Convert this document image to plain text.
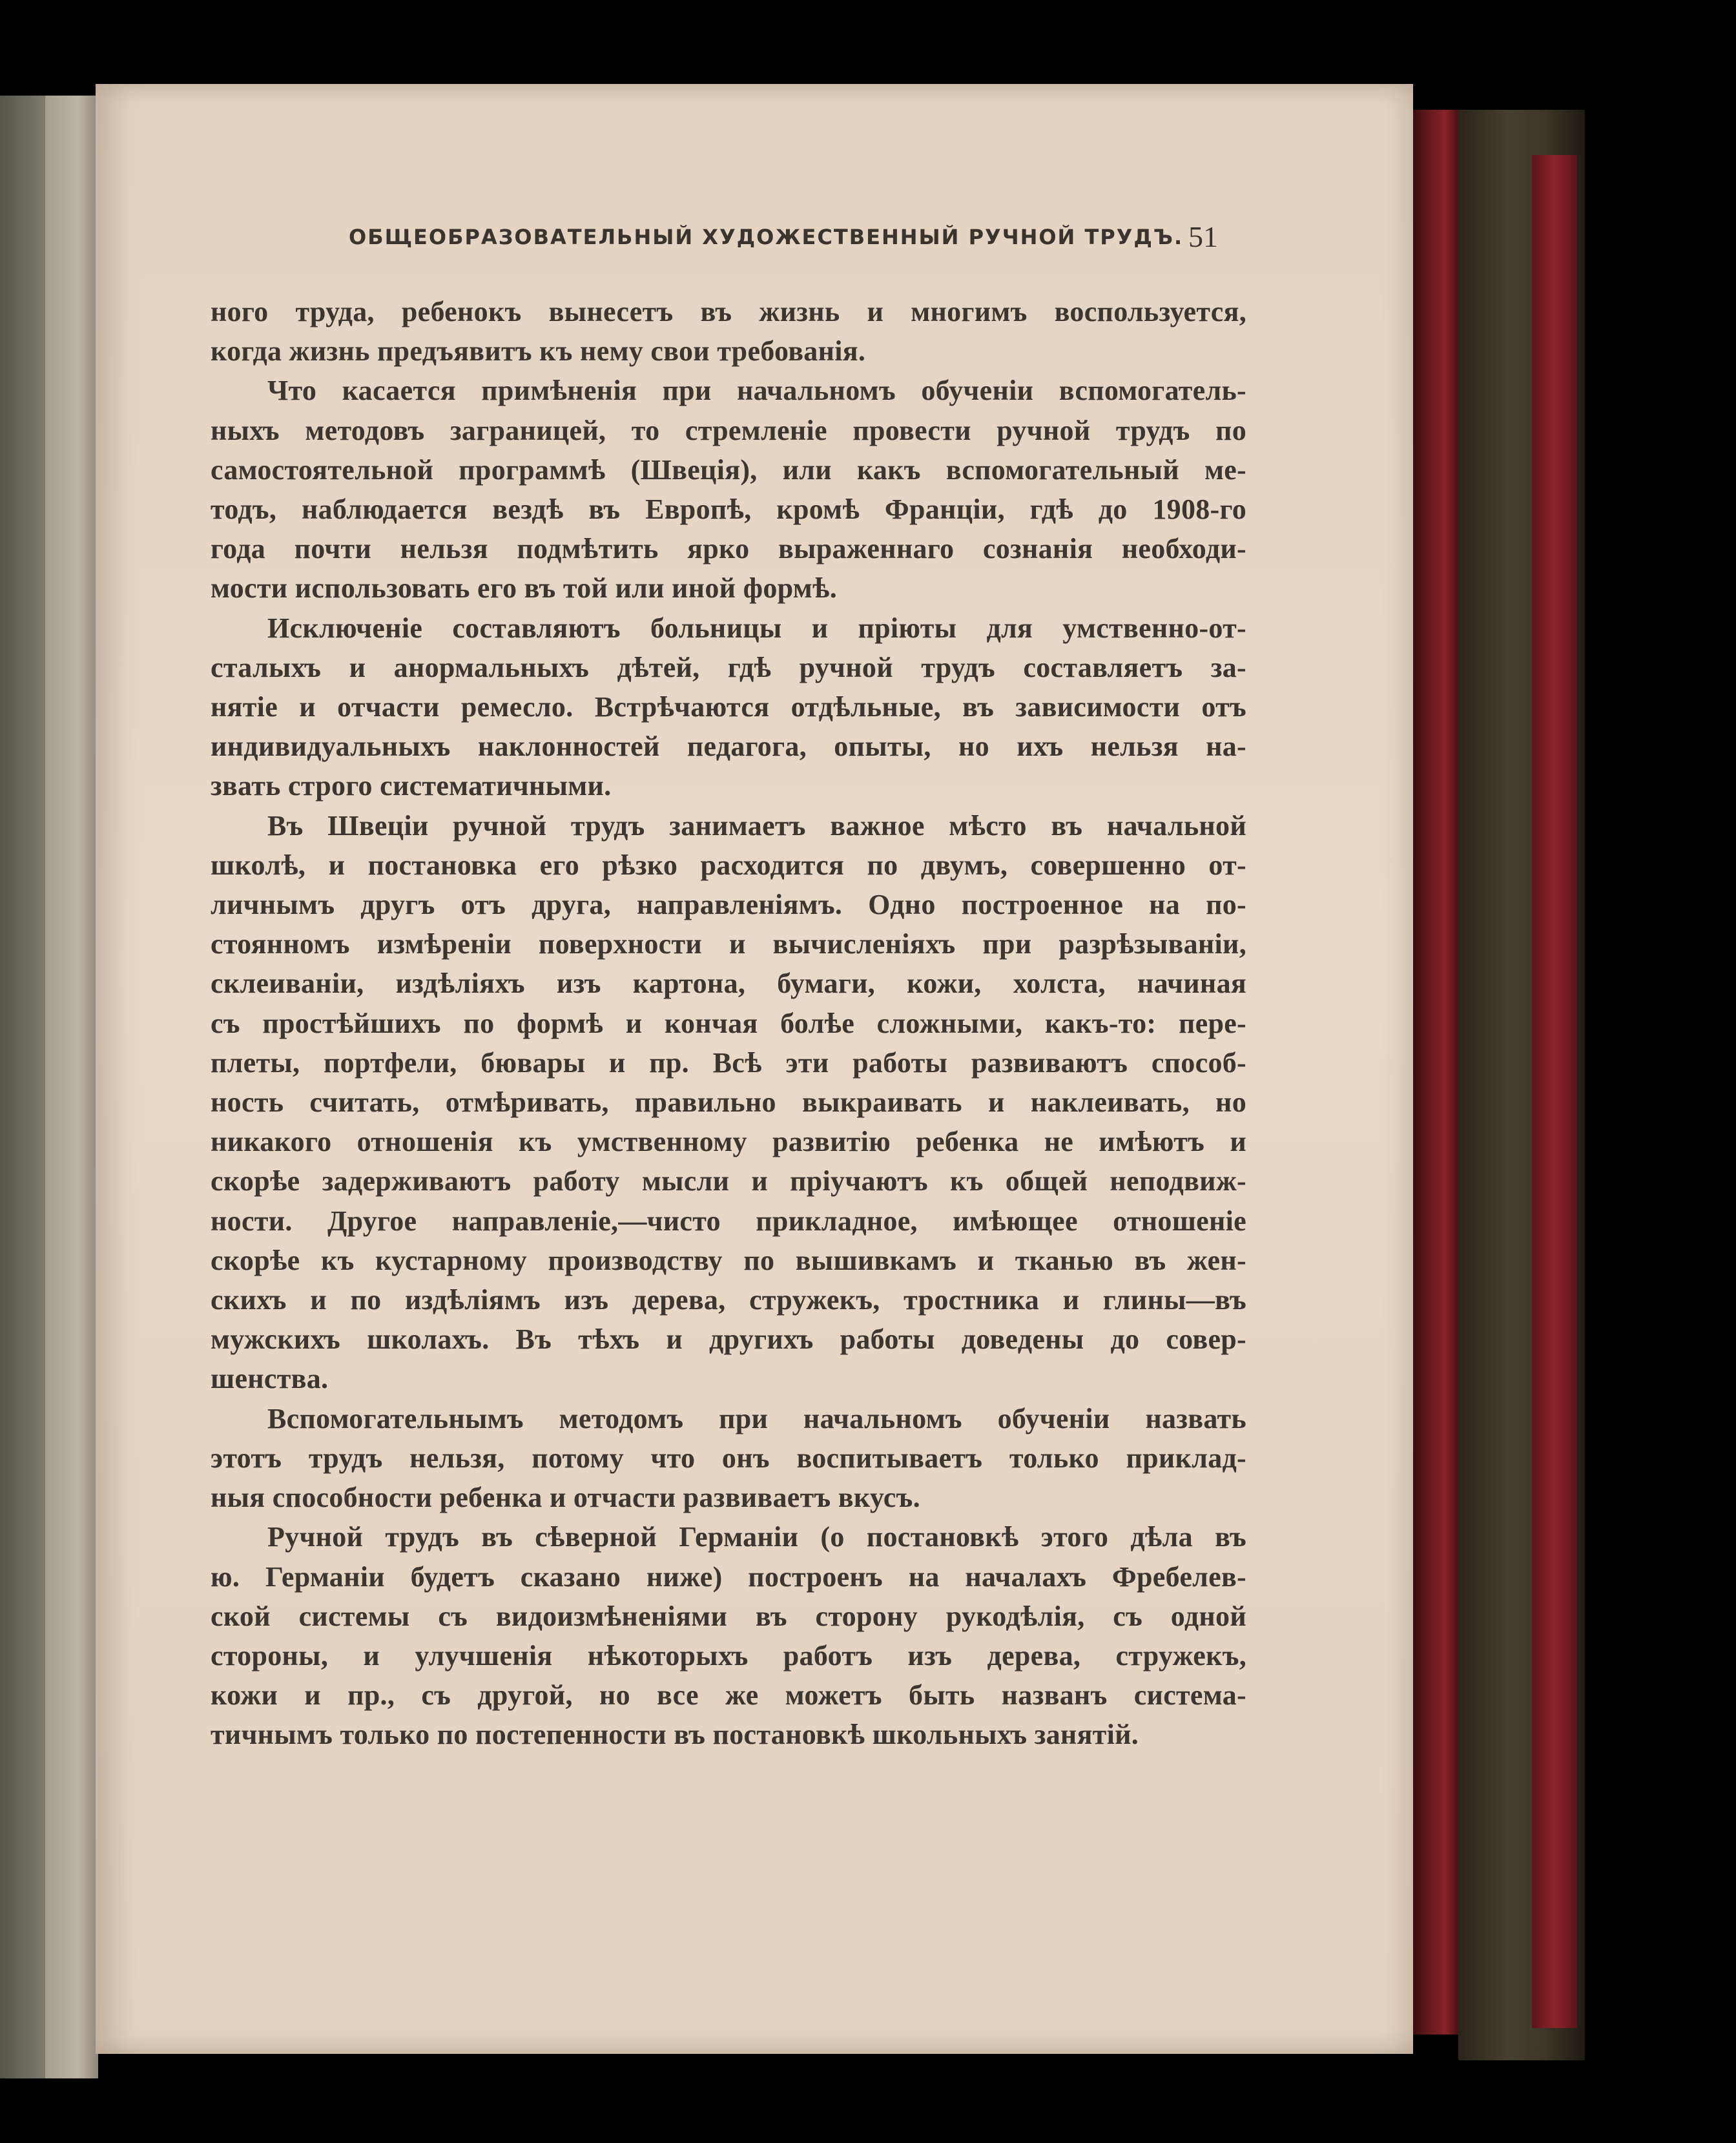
ОБЩЕОБРАЗОВАТЕЛЬНЫЙ ХУДОЖЕСТВЕННЫЙ РУЧНОЙ ТРУДЪ. 51
ного труда, ребенокъ вынесетъ въ жизнь и многимъ воспользуется,
когда жизнь предъявитъ къ нему свои требованія.
Что касается примѣненія при начальномъ обученіи вспомогатель-
ныхъ методовъ заграницей, то стремленіе провести ручной трудъ по
самостоятельной программѣ (Швеція), или какъ вспомогательный ме-
тодъ, наблюдается вездѣ въ Европѣ, кромѣ Франціи, гдѣ до 1908-го
года почти нельзя подмѣтить ярко выраженнаго сознанія необходи-
мости использовать его въ той или иной формѣ.
Исключеніе составляютъ больницы и пріюты для умственно-от-
сталыхъ и анормальныхъ дѣтей, гдѣ ручной трудъ составляетъ за-
нятіе и отчасти ремесло. Встрѣчаются отдѣльные, въ зависимости отъ
индивидуальныхъ наклонностей педагога, опыты, но ихъ нельзя на-
звать строго систематичными.
Въ Швеціи ручной трудъ занимаетъ важное мѣсто въ начальной
школѣ, и постановка его рѣзко расходится по двумъ, совершенно от-
личнымъ другъ отъ друга, направленіямъ. Одно построенное на по-
стоянномъ измѣреніи поверхности и вычисленіяхъ при разрѣзываніи,
склеиваніи, издѣліяхъ изъ картона, бумаги, кожи, холста, начиная
съ простѣйшихъ по формѣ и кончая болѣе сложными, какъ-то: пере-
плеты, портфели, бювары и пр. Всѣ эти работы развиваютъ способ-
ность считать, отмѣривать, правильно выкраивать и наклеивать, но
никакого отношенія къ умственному развитію ребенка не имѣютъ и
скорѣе задерживаютъ работу мысли и пріучаютъ къ общей неподвиж-
ности. Другое направленіе,—чисто прикладное, имѣющее отношеніе
скорѣе къ кустарному производству по вышивкамъ и тканью въ жен-
скихъ и по издѣліямъ изъ дерева, стружекъ, тростника и глины—въ
мужскихъ школахъ. Въ тѣхъ и другихъ работы доведены до совер-
шенства.
Вспомогательнымъ методомъ при начальномъ обученіи назвать
этотъ трудъ нельзя, потому что онъ воспитываетъ только приклад-
ныя способности ребенка и отчасти развиваетъ вкусъ.
Ручной трудъ въ сѣверной Германіи (о постановкѣ этого дѣла въ
ю. Германіи будетъ сказано ниже) построенъ на началахъ Фребелев-
ской системы съ видоизмѣненіями въ сторону рукодѣлія, съ одной
стороны, и улучшенія нѣкоторыхъ работъ изъ дерева, стружекъ,
кожи и пр., съ другой, но все же можетъ быть названъ система-
тичнымъ только по постепенности въ постановкѣ школьныхъ занятій.
